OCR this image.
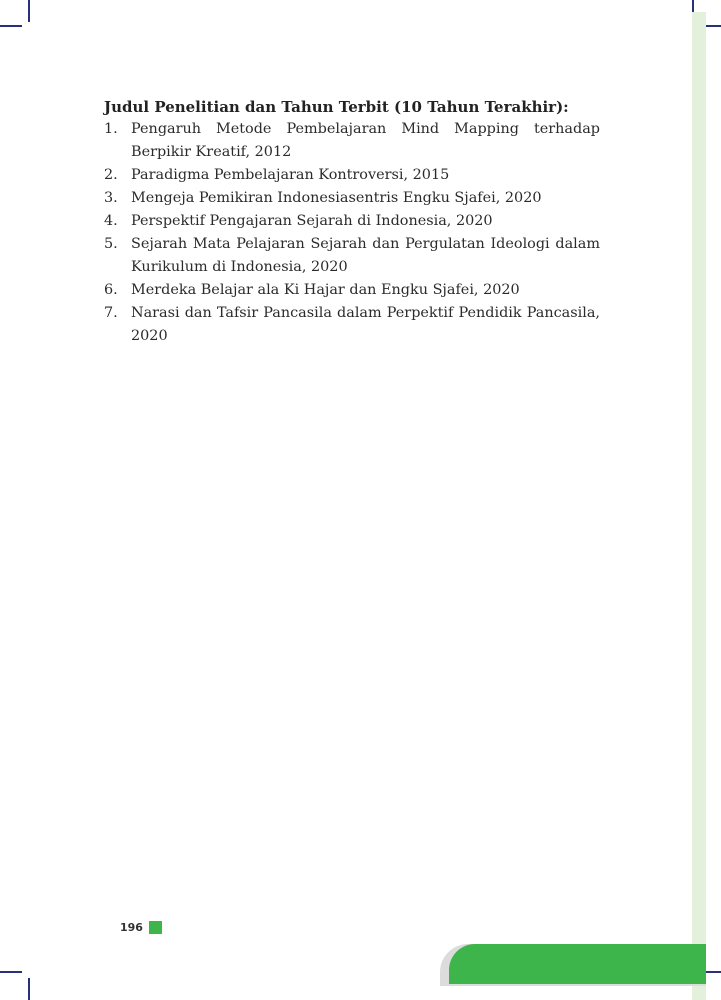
Judul Penelitian dan Tahun Terbit (10 Tahun Terakhir):

1. Pengaruh Metode Pembelajaran Mind Mapping terhadap Berpikir Kreatif, 2012
2. Paradigma Pembelajaran Kontroversi, 2015
3. Mengeja Pemikiran Indonesiasentris Engku Sjafei, 2020
4. Perspektif Pengajaran Sejarah di Indonesia, 2020
5. Sejarah Mata Pelajaran Sejarah dan Pergulatan Ideologi dalam Kurikulum di Indonesia, 2020
6. Merdeka Belajar ala Ki Hajar dan Engku Sjafei, 2020
7. Narasi dan Tafsir Pancasila dalam Perpektif Pendidik Pancasila, 2020
196
